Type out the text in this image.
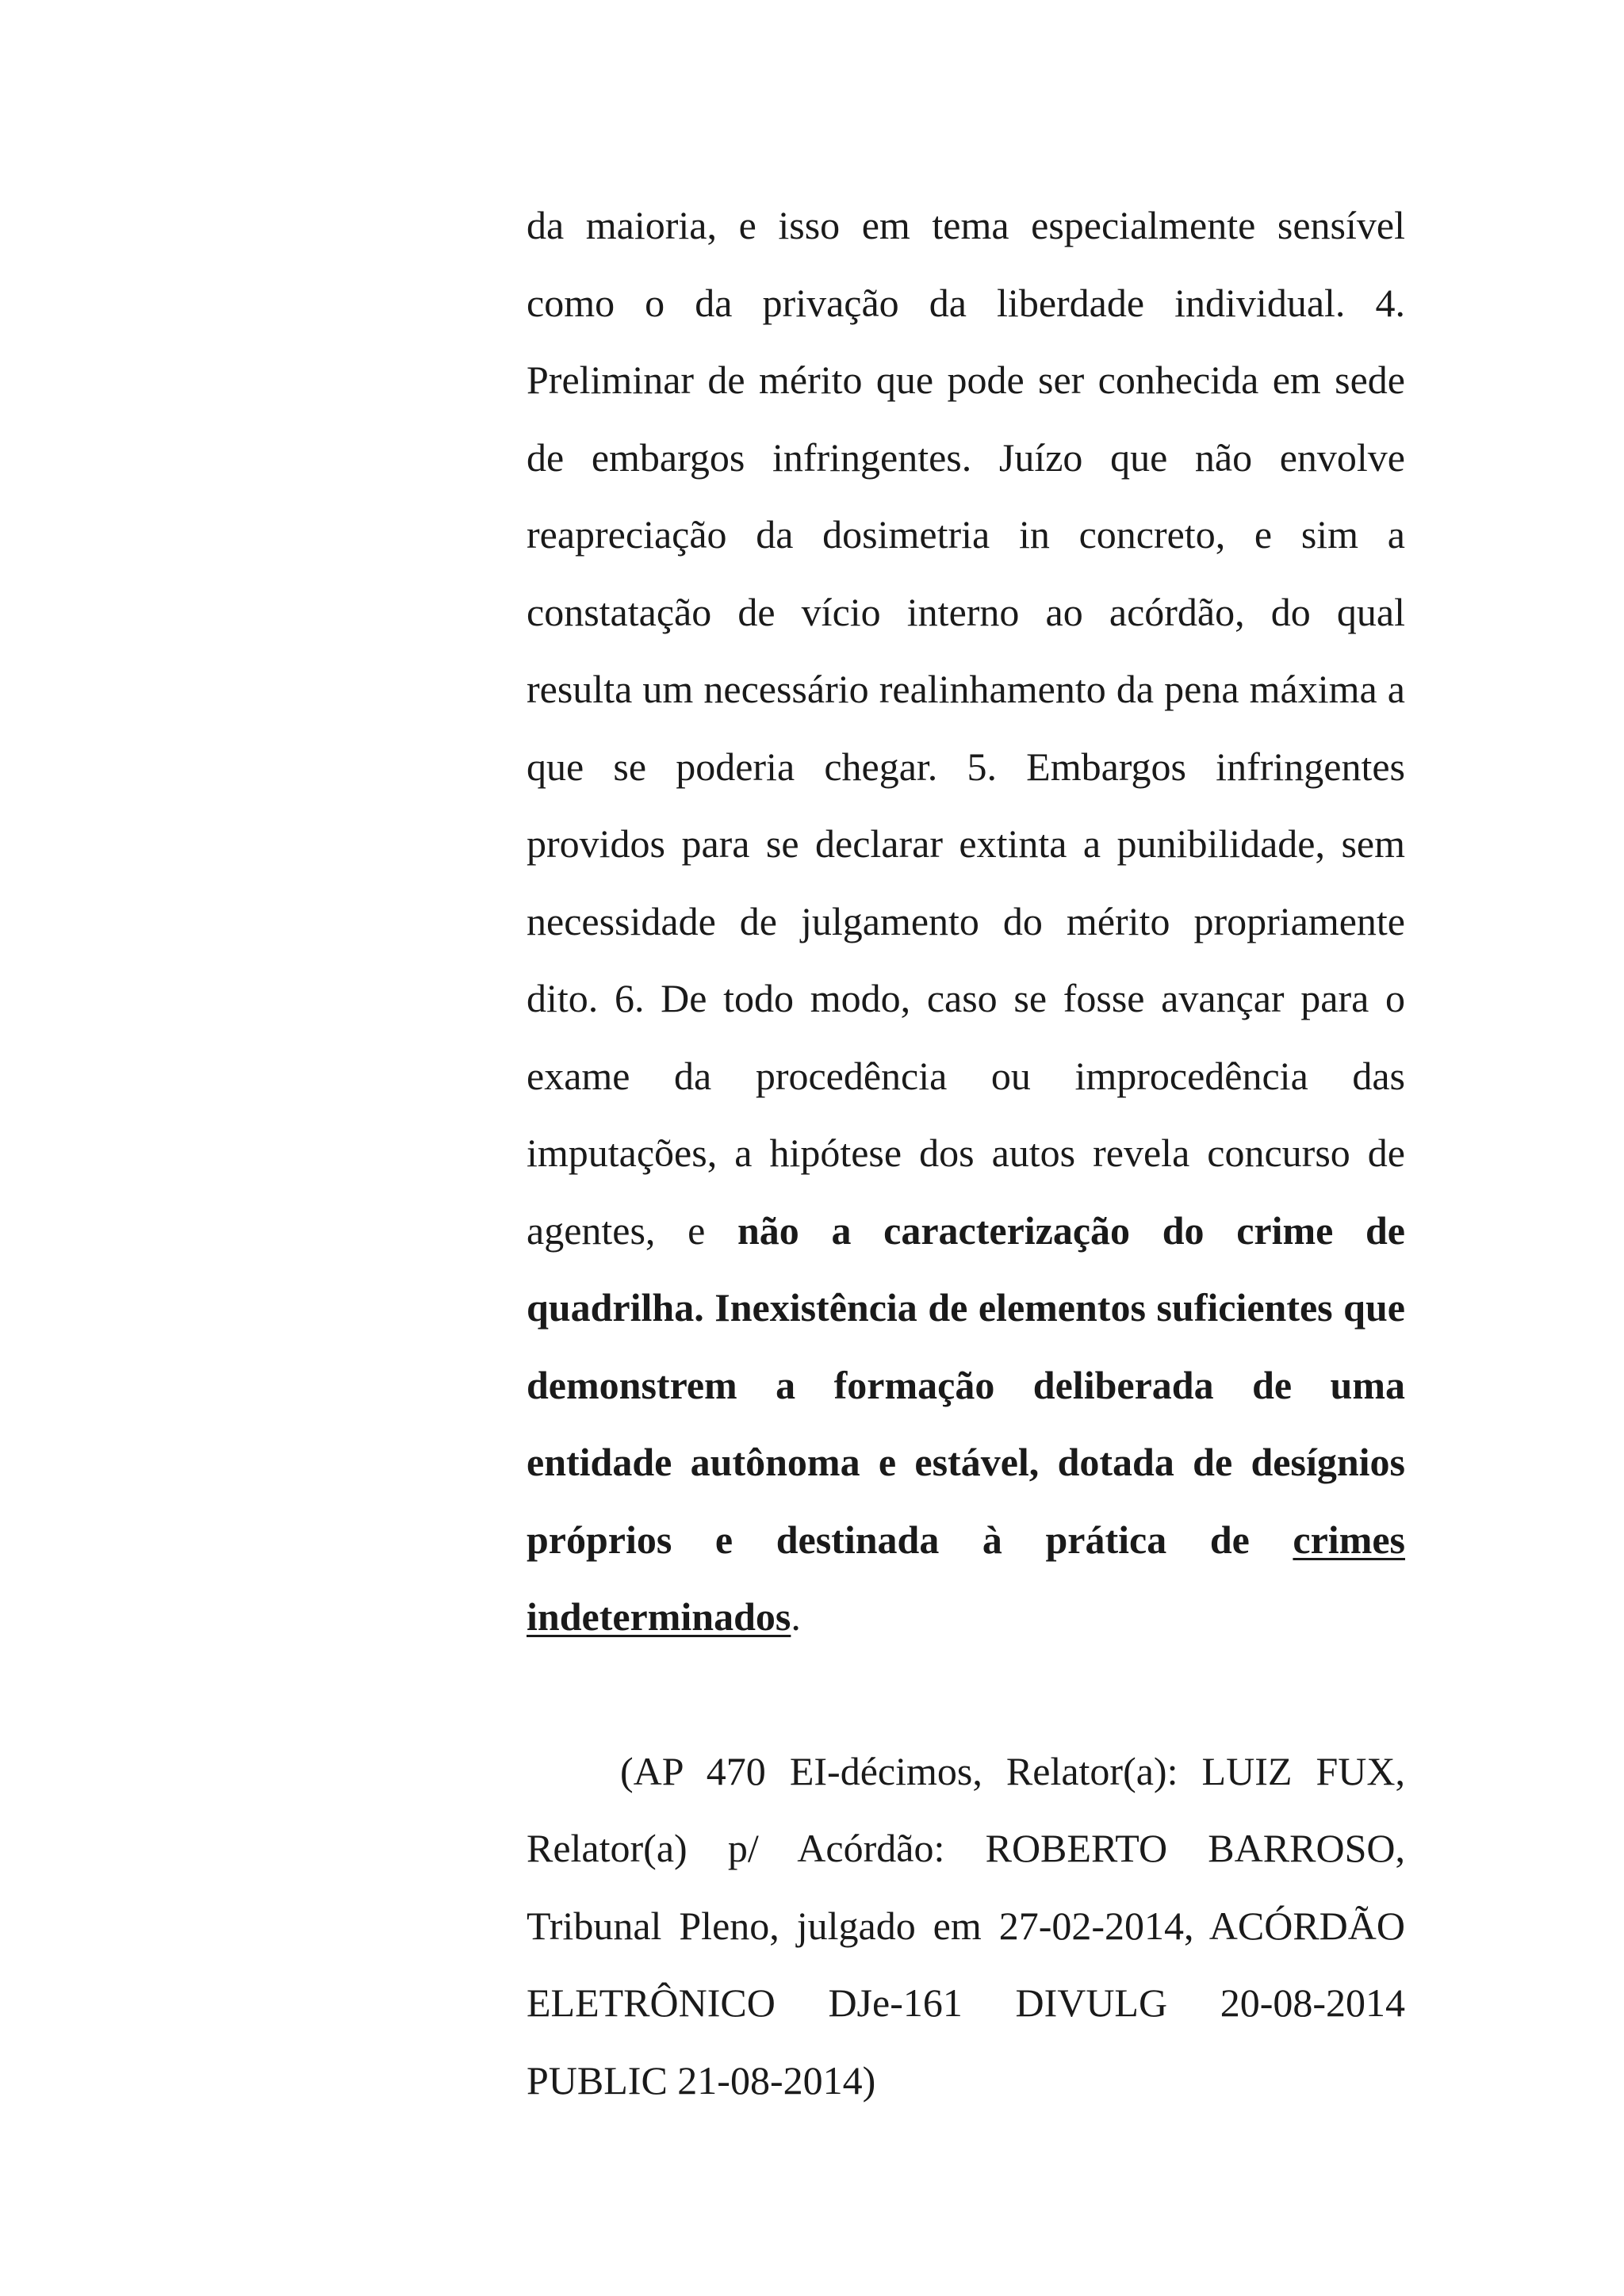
da maioria, e isso em tema especialmente sensível como o da privação da liberdade individual. 4. Preliminar de mérito que pode ser conhecida em sede de embargos infringentes. Juízo que não envolve reapreciação da dosimetria in concreto, e sim a constatação de vício interno ao acórdão, do qual resulta um necessário realinhamento da pena máxima a que se poderia chegar. 5. Embargos infringentes providos para se declarar extinta a punibilidade, sem necessidade de julgamento do mérito propriamente dito. 6. De todo modo, caso se fosse avançar para o exame da procedência ou improcedência das imputações, a hipótese dos autos revela concurso de agentes, e não a caracterização do crime de quadrilha. Inexistência de elementos suficientes que demonstrem a formação deliberada de uma entidade autônoma e estável, dotada de desígnios próprios e destinada à prática de crimes indeterminados.

(AP 470 EI-décimos, Relator(a): LUIZ FUX, Relator(a) p/ Acórdão: ROBERTO BARROSO, Tribunal Pleno, julgado em 27-02-2014, ACÓRDÃO ELETRÔNICO DJe-161 DIVULG 20-08-2014 PUBLIC 21-08-2014)
